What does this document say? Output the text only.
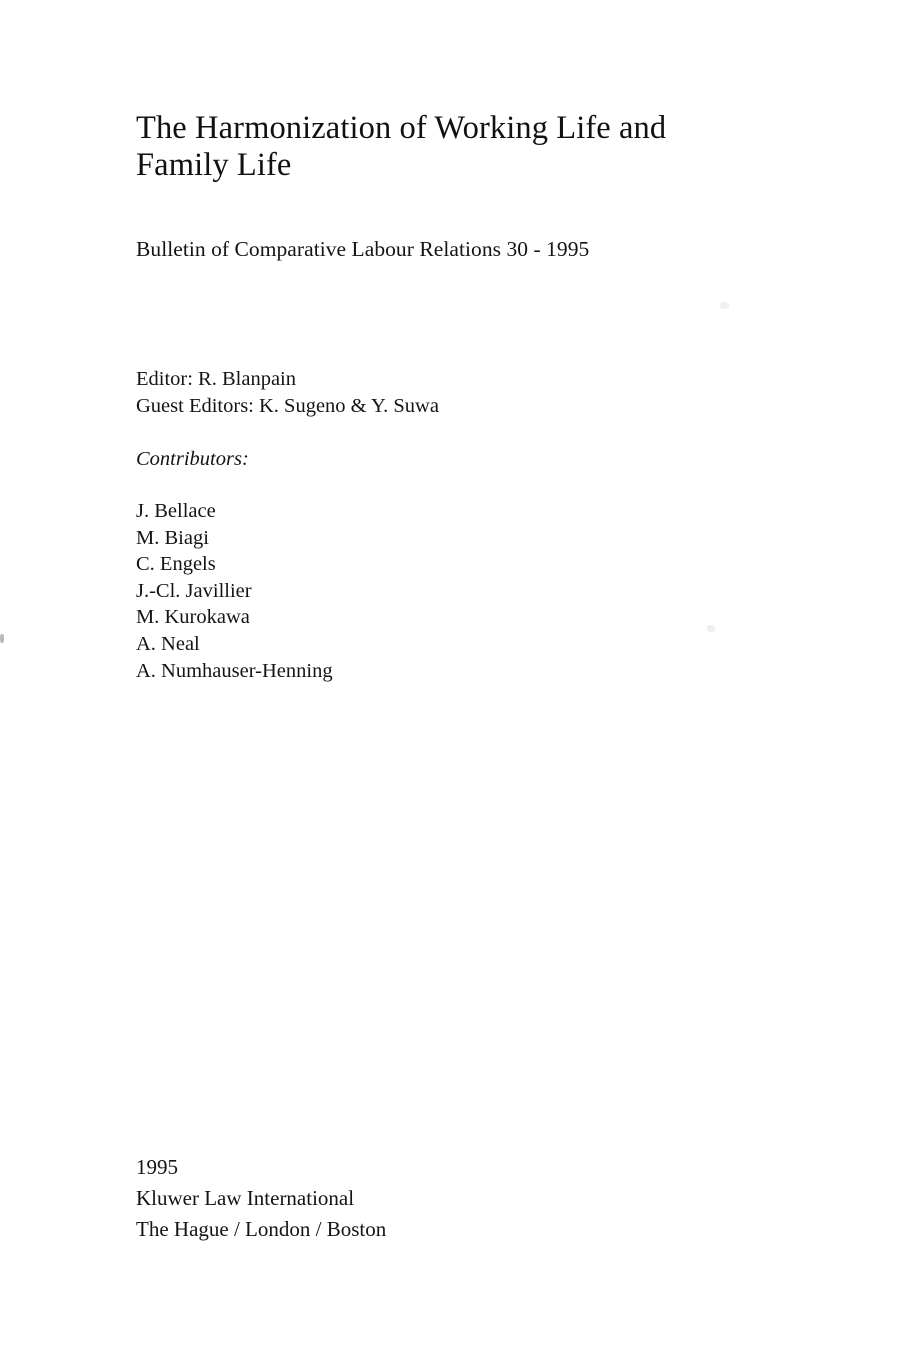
The Harmonization of Working Life and
Family Life
Bulletin of Comparative Labour Relations 30 - 1995
Editor: R. Blanpain
Guest Editors: K. Sugeno & Y. Suwa
Contributors:
J. Bellace
M. Biagi
C. Engels
J.-Cl. Javillier
M. Kurokawa
A. Neal
A. Numhauser-Henning
1995
Kluwer Law International
The Hague / London / Boston
